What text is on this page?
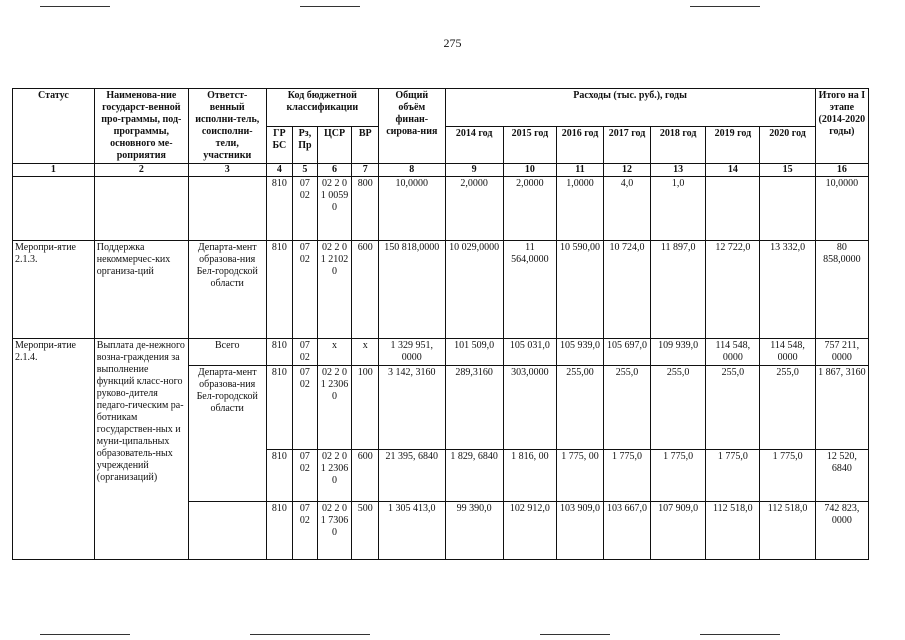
275
Статус	Наименова-ние государст-венной про-граммы, под-программы, основного ме-роприятия	Ответст-венный исполни-тель, соисполни-тели, участники	Код бюджетной классификации				Общий объём финан-сирова-ния	Расходы (тыс. руб.), годы							Итого на I этапе (2014-2020 годы)
			ГР БС	Рз, Пр	ЦСР	ВР		2014 год	2015 год	2016 год	2017 год	2018 год	2019 год	2020 год	
1	2	3	4	5	6	7	8	9	10	11	12	13	14	15	16
			810	07 02	02 2 01 0059 0	800	10,0000	2,0000	2,0000	1,0000	4,0	1,0			10,0000
Меропри-ятие 2.1.3.	Поддержка некоммерчес-ких организа-ций	Департа-мент образова-ния Бел-городской области	810	07 02	02 2 01 2102 0	600	150 818,0000	10 029,0000	11 564,0000	10 590,00	10 724,0	11 897,0	12 722,0	13 332,0	80 858,0000
Меропри-ятие 2.1.4.	Выплата де-нежного возна-граждения за выполнение функций класс-ного руково-дителя педаго-гическим ра-ботникам государствен-ных и муни-ципальных образователь-ных учреждений (организаций)	Всего	810	07 02	х	х	1 329 951, 0000	101 509,0	105 031,0	105 939,0	105 697,0	109 939,0	114 548, 0000	114 548, 0000	757 211, 0000
		Департа-мент образова-ния Бел-городской области	810	07 02	02 2 01 2306 0	100	3 142, 3160	289,3160	303,0000	255,00	255,0	255,0	255,0	255,0	1 867, 3160
			810	07 02	02 2 01 2306 0	600	21 395, 6840	1 829, 6840	1 816, 00	1 775, 00	1 775,0	1 775,0	1 775,0	1 775,0	12 520, 6840
			810	07 02	02 2 01 7306 0	500	1 305 413,0	99 390,0	102 912,0	103 909,0	103 667,0	107 909,0	112 518,0	112 518,0	742 823, 0000
